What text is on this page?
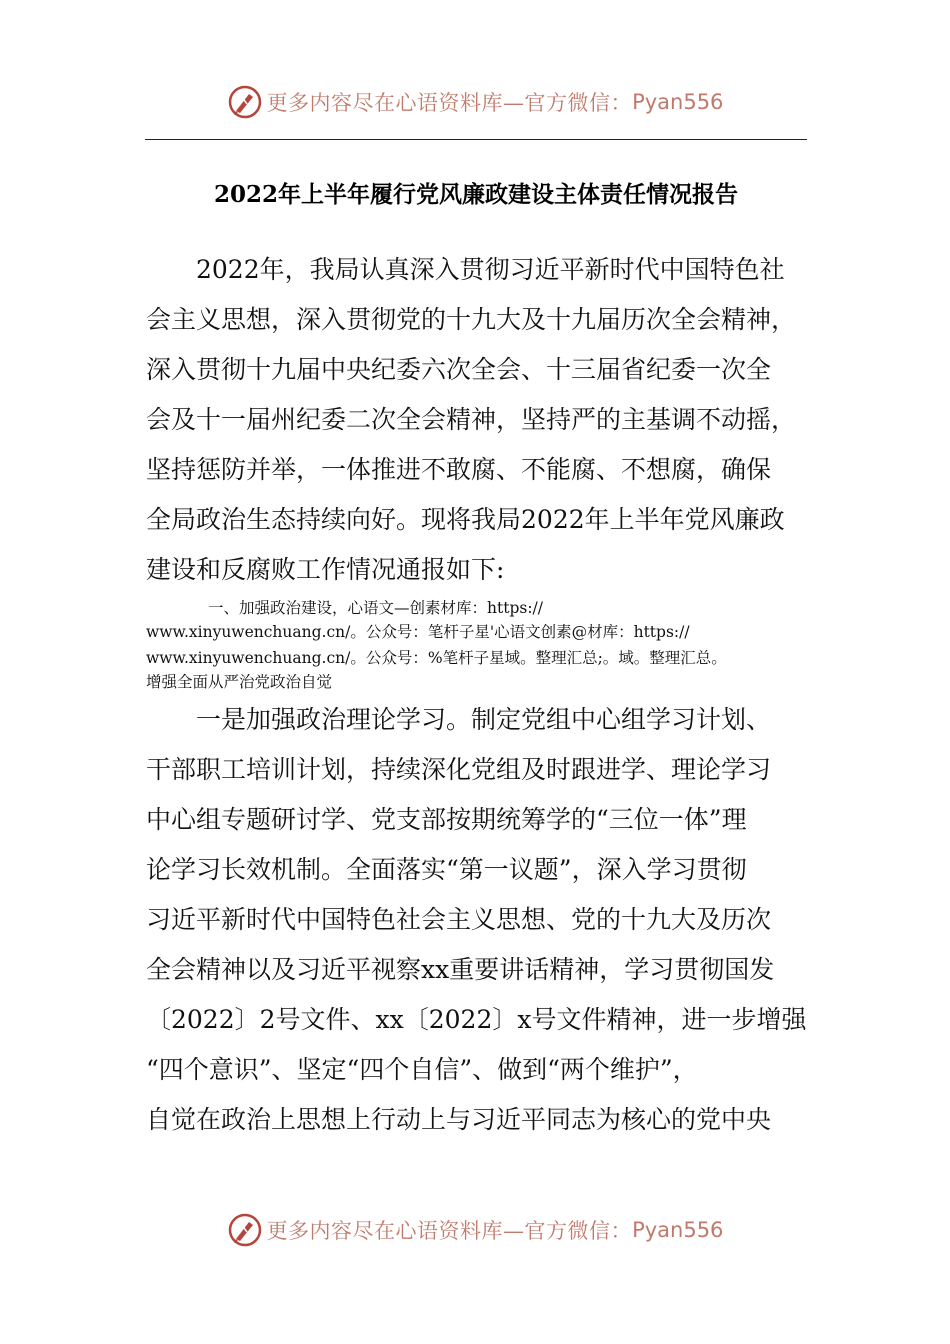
更多内容尽在心语资料库—官方微信： Pyan556
2022年上半年履行党风廉政建设主体责任情况报告
　　2022年，我局认真深入贯彻习近平新时代中国特色社
会主义思想，深入贯彻党的十九大及十九届历次全会精神，
深入贯彻十九届中央纪委六次全会、十三届省纪委一次全
会及十一届州纪委二次全会精神，坚持严的主基调不动摇，
坚持惩防并举，一体推进不敢腐、不能腐、不想腐，确保
全局政治生态持续向好。现将我局2022年上半年党风廉政
建设和反腐败工作情况通报如下:
　　　　一、加强政治建设，心语文—创素材库：https://
www.xinyuwenchuang.cn/。公众号：笔杆子星'心语文创素@材库：https://
www.xinyuwenchuang.cn/。公众号：%笔杆子星域。整理汇总;。域。整理汇总。
增强全面从严治党政治自觉
　　一是加强政治理论学习。制定党组中心组学习计划、
干部职工培训计划，持续深化党组及时跟进学、理论学习
中心组专题研讨学、党支部按期统筹学的“三位一体”理
论学习长效机制。全面落实“第一议题”，深入学习贯彻
习近平新时代中国特色社会主义思想、党的十九大及历次
全会精神以及习近平视察xx重要讲话精神，学习贯彻国发
〔2022〕2号文件、xx〔2022〕x号文件精神，进一步增强
“四个意识”、坚定“四个自信”、做到“两个维护”，
自觉在政治上思想上行动上与习近平同志为核心的党中央
更多内容尽在心语资料库—官方微信： Pyan556
